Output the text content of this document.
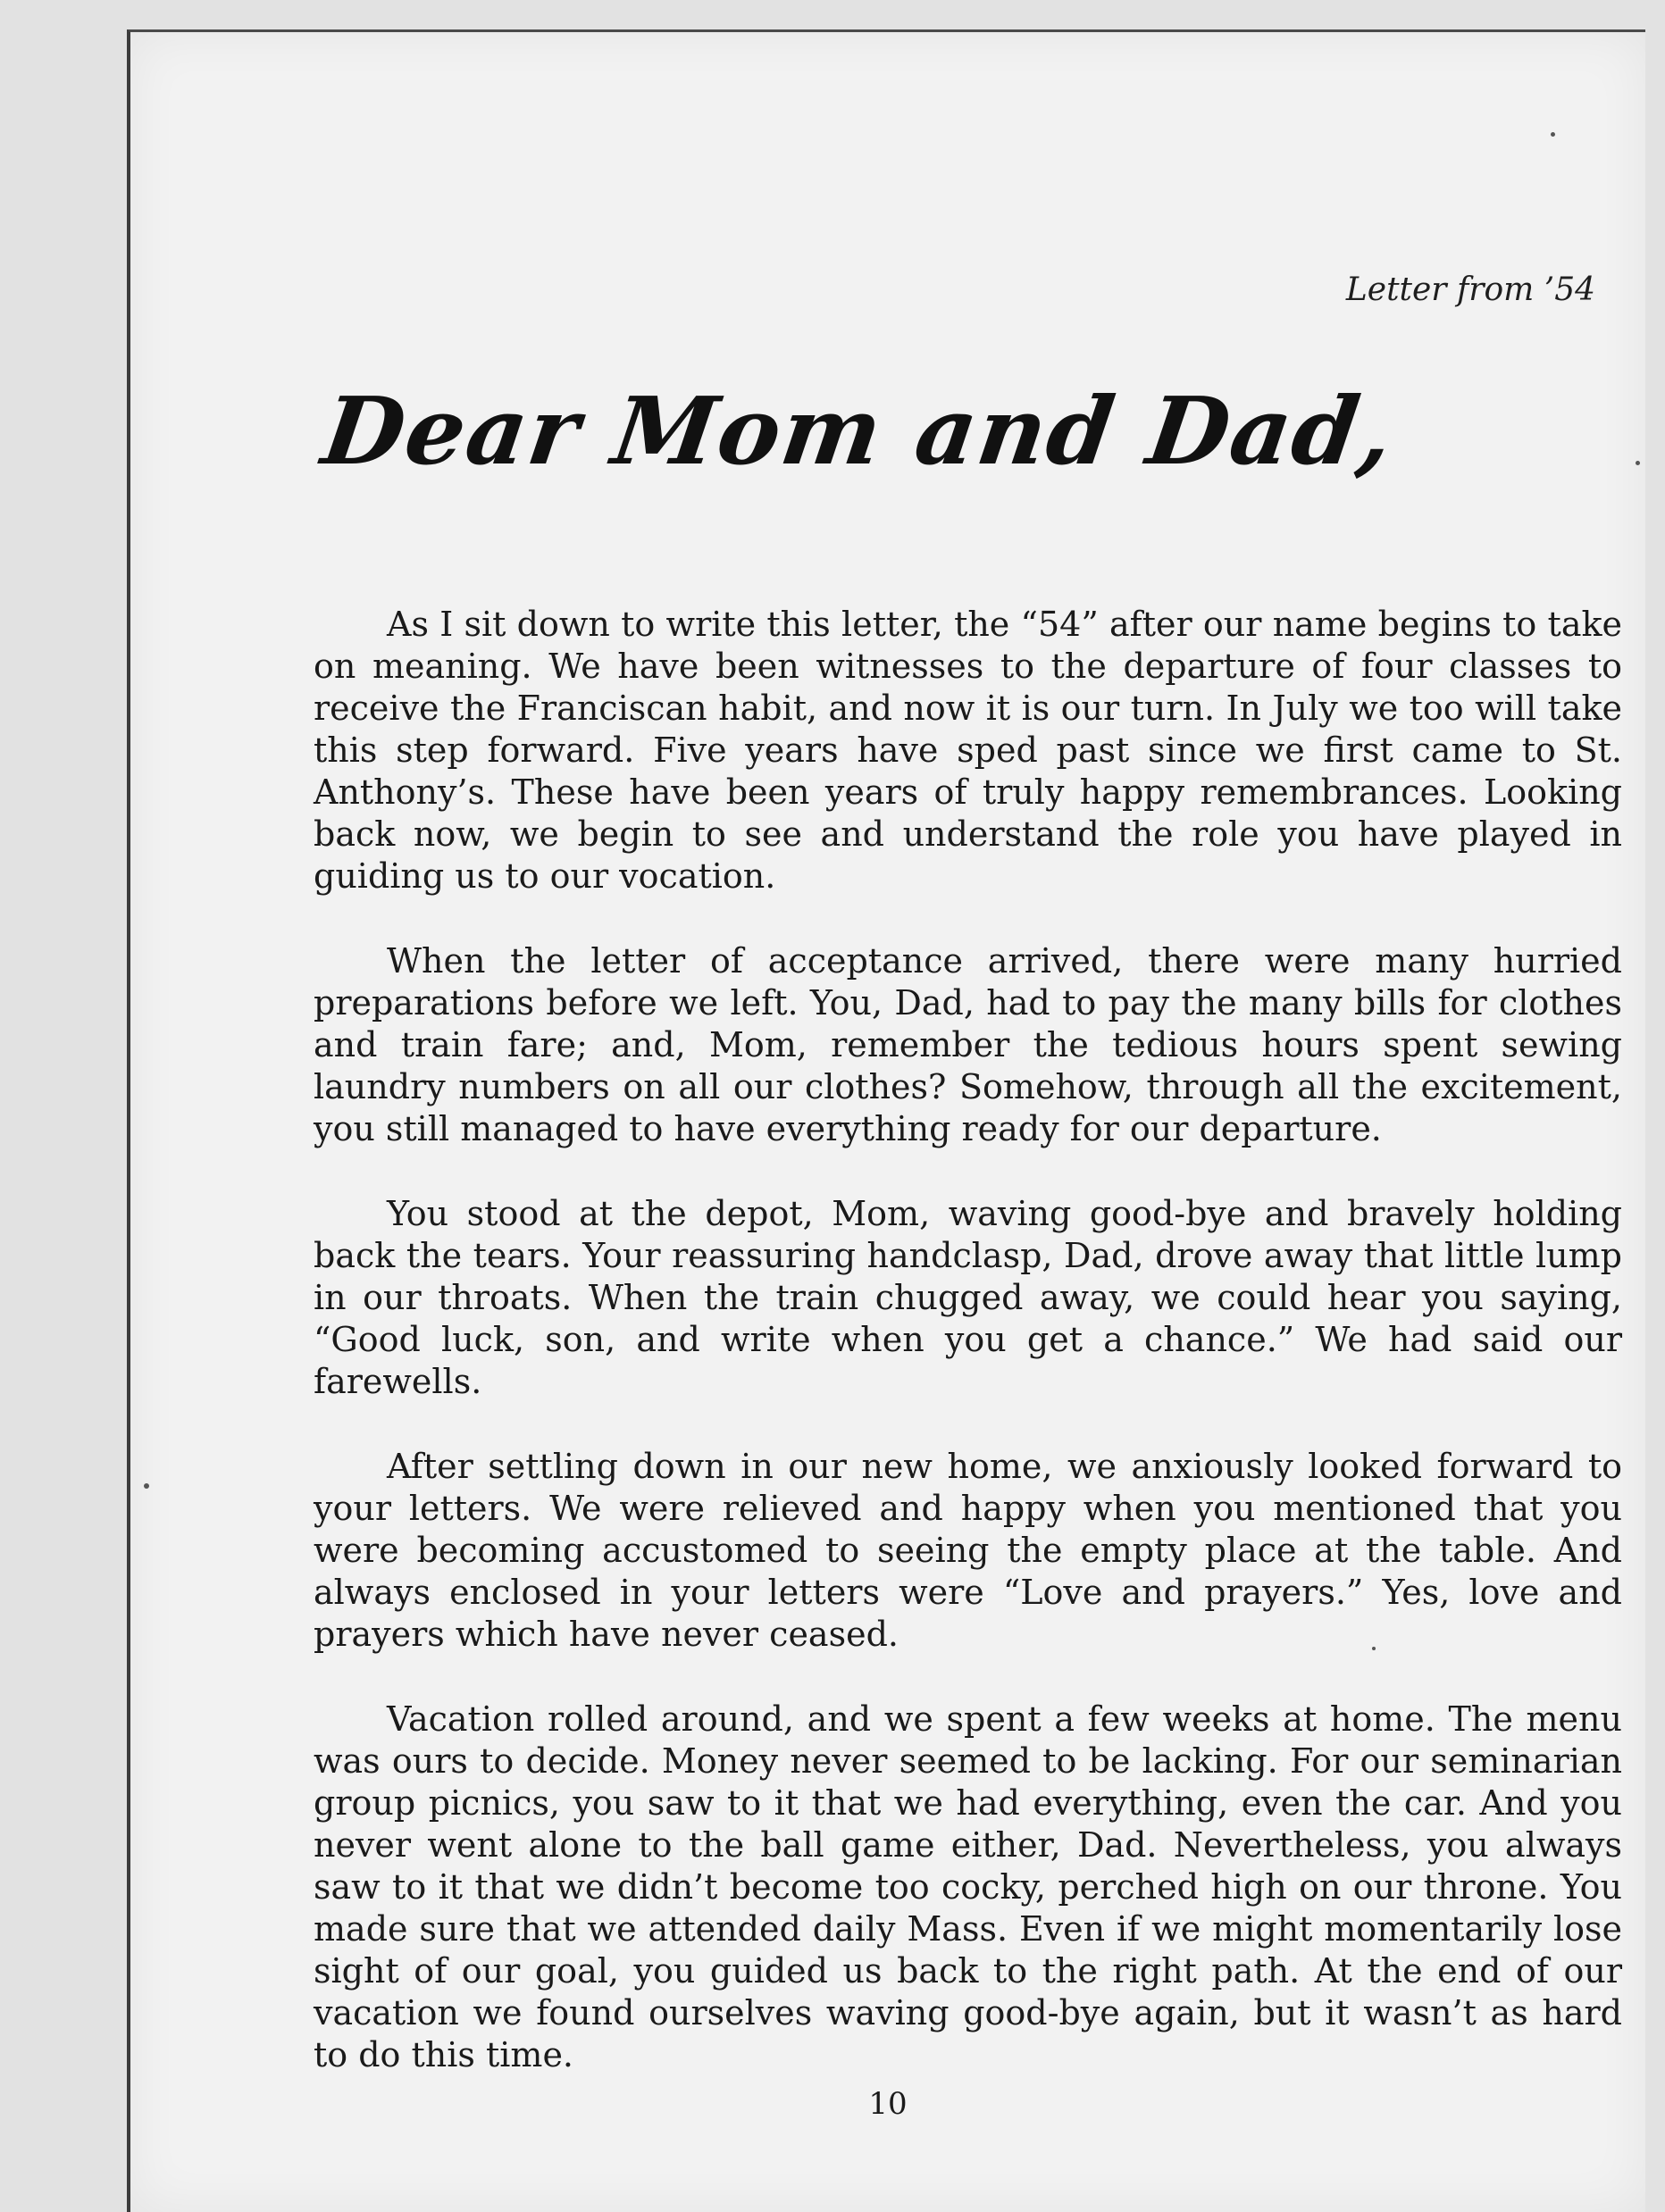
Letter from ’54

Dear Mom and Dad,

As I sit down to write this letter, the “54” after our name begins to take on meaning. We have been witnesses to the departure of four classes to receive the Franciscan habit, and now it is our turn. In July we too will take this step forward. Five years have sped past since we first came to St. Anthony’s. These have been years of truly happy remembrances. Looking back now, we begin to see and understand the role you have played in guiding us to our vocation.

When the letter of acceptance arrived, there were many hurried preparations before we left. You, Dad, had to pay the many bills for clothes and train fare; and, Mom, remember the tedious hours spent sewing laundry numbers on all our clothes? Somehow, through all the excitement, you still managed to have everything ready for our departure.

You stood at the depot, Mom, waving good-bye and bravely holding back the tears. Your reassuring handclasp, Dad, drove away that little lump in our throats. When the train chugged away, we could hear you saying, “Good luck, son, and write when you get a chance.” We had said our farewells.

After settling down in our new home, we anxiously looked forward to your letters. We were relieved and happy when you mentioned that you were becoming accustomed to seeing the empty place at the table. And always enclosed in your letters were “Love and prayers.” Yes, love and prayers which have never ceased.

Vacation rolled around, and we spent a few weeks at home. The menu was ours to decide. Money never seemed to be lacking. For our seminarian group picnics, you saw to it that we had everything, even the car. And you never went alone to the ball game either, Dad. Nevertheless, you always saw to it that we didn’t become too cocky, perched high on our throne. You made sure that we attended daily Mass. Even if we might momentarily lose sight of our goal, you guided us back to the right path. At the end of our vacation we found ourselves waving good-bye again, but it wasn’t as hard to do this time.

10
